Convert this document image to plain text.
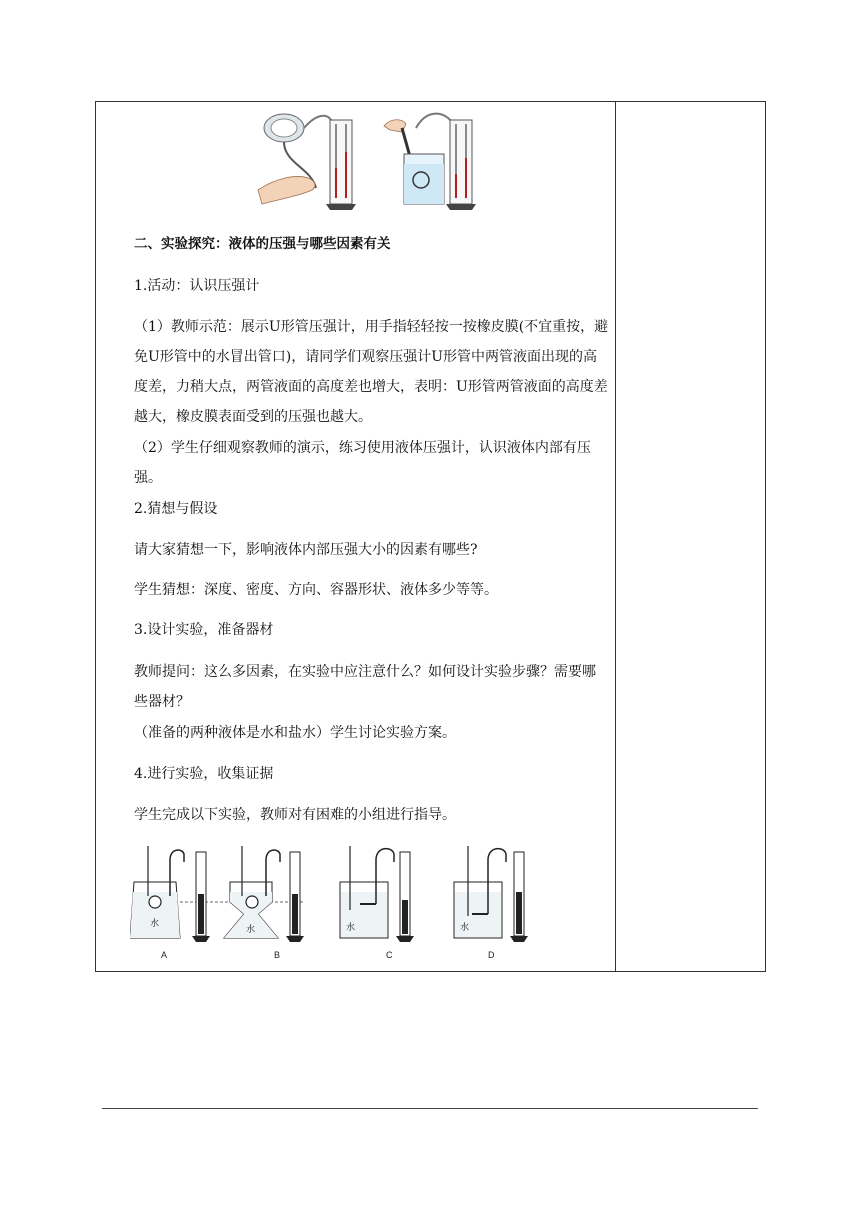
二、实验探究：液体的压强与哪些因素有关

1.活动：认识压强计

（1）教师示范：展示U形管压强计，用手指轻轻按一按橡皮膜(不宜重按，避免U形管中的水冒出管口)，请同学们观察压强计U形管中两管液面出现的高度差，力稍大点，两管液面的高度差也增大，表明：U形管两管液面的高度差越大，橡皮膜表面受到的压强也越大。

（2）学生仔细观察教师的演示，练习使用液体压强计，认识液体内部有压强。

2.猜想与假设

请大家猜想一下，影响液体内部压强大小的因素有哪些?

学生猜想：深度、密度、方向、容器形状、液体多少等等。

3.设计实验，准备器材

教师提问：这么多因素，在实验中应注意什么？如何设计实验步骤？需要哪些器材？

（准备的两种液体是水和盐水）学生讨论实验方案。

4.进行实验，收集证据

学生完成以下实验，教师对有困难的小组进行指导。

水
A
水
B
水
C
水
D
